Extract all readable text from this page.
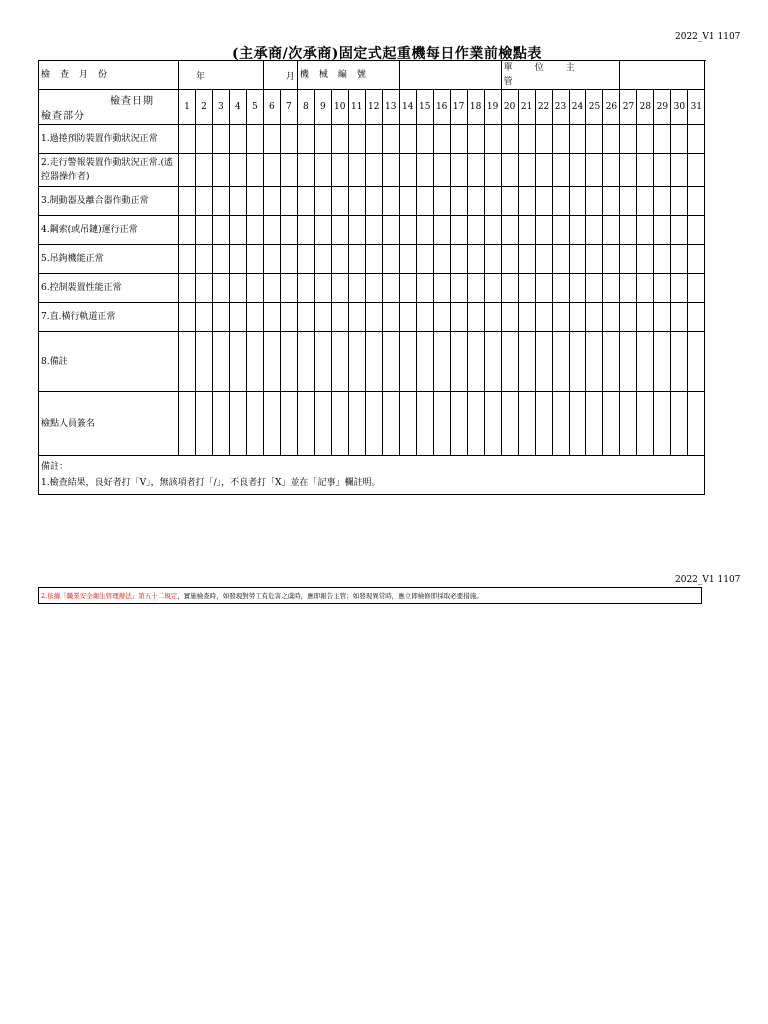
2022_V1 1107
(主承商/次承商)固定式起重機每日作業前檢點表
檢查月份	年					月		機械編號												單位主管											

檢查日期
檢查部分	1	2	3	4	5	6	7	8	9	10	11	12	13	14	15	16	17	18	19	20	21	22	23	24	25	26	27	28	29	30	31
1.過捲預防裝置作動狀況正常																															
2.走行警報裝置作動狀況正常.(遙控器操作者)																															
3.制動器及離合器作動正常																															
4.鋼索(或吊鏈)運行正常																															
5.吊鉤機能正常																															
6.控制裝置性能正常																															
7.直.橫行軌道正常																															
8.備註																															
檢點人員簽名																															

備註：
1.檢查結果，良好者打「V」，無該項者打「/」，不良者打「X」並在「記事」欄註明。																															
2022_V1 1107
2.依據「職業安全衛生管理辦法」第五十二規定，實施檢查時，如發現對勞工有危害之虞時，應即報告主管；如發現異常時，應立即檢修即採取必要措施。
